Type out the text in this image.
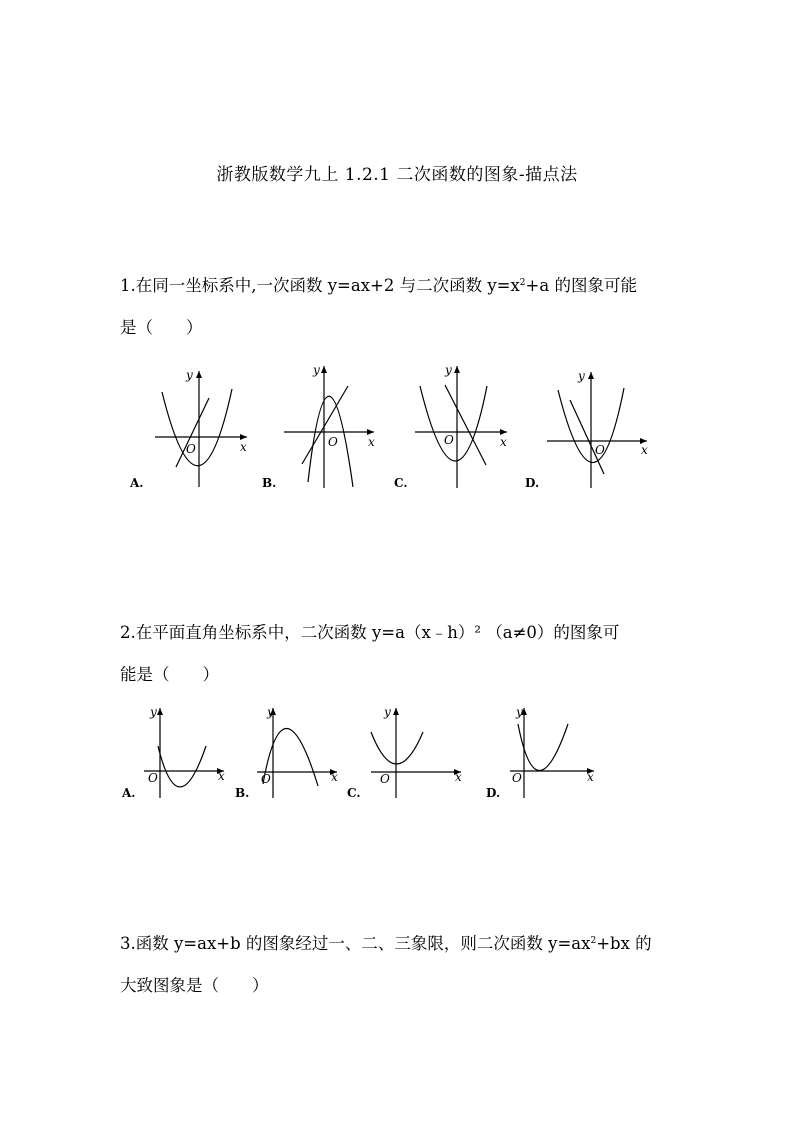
浙教版数学九上 1.2.1 二次函数的图象-描点法
1.在同一坐标系中,一次函数 y=ax+2 与二次函数 $y=x^2+a$ 的图象可能
是（　　）
y
x
O
A.
y
x
O
B.
y
x
O
C.
y
x
O
D.
2.在平面直角坐标系中，二次函数 y=a（x﹣h）² （a≠0）的图象可
能是（　　）
y
x
O
A.
y
x
O
B.
y
x
O
C.
y
x
O
D.
3.函数 y=ax+b 的图象经过一、二、三象限，则二次函数 $y=ax^2+bx$ 的
大致图象是（　　）
